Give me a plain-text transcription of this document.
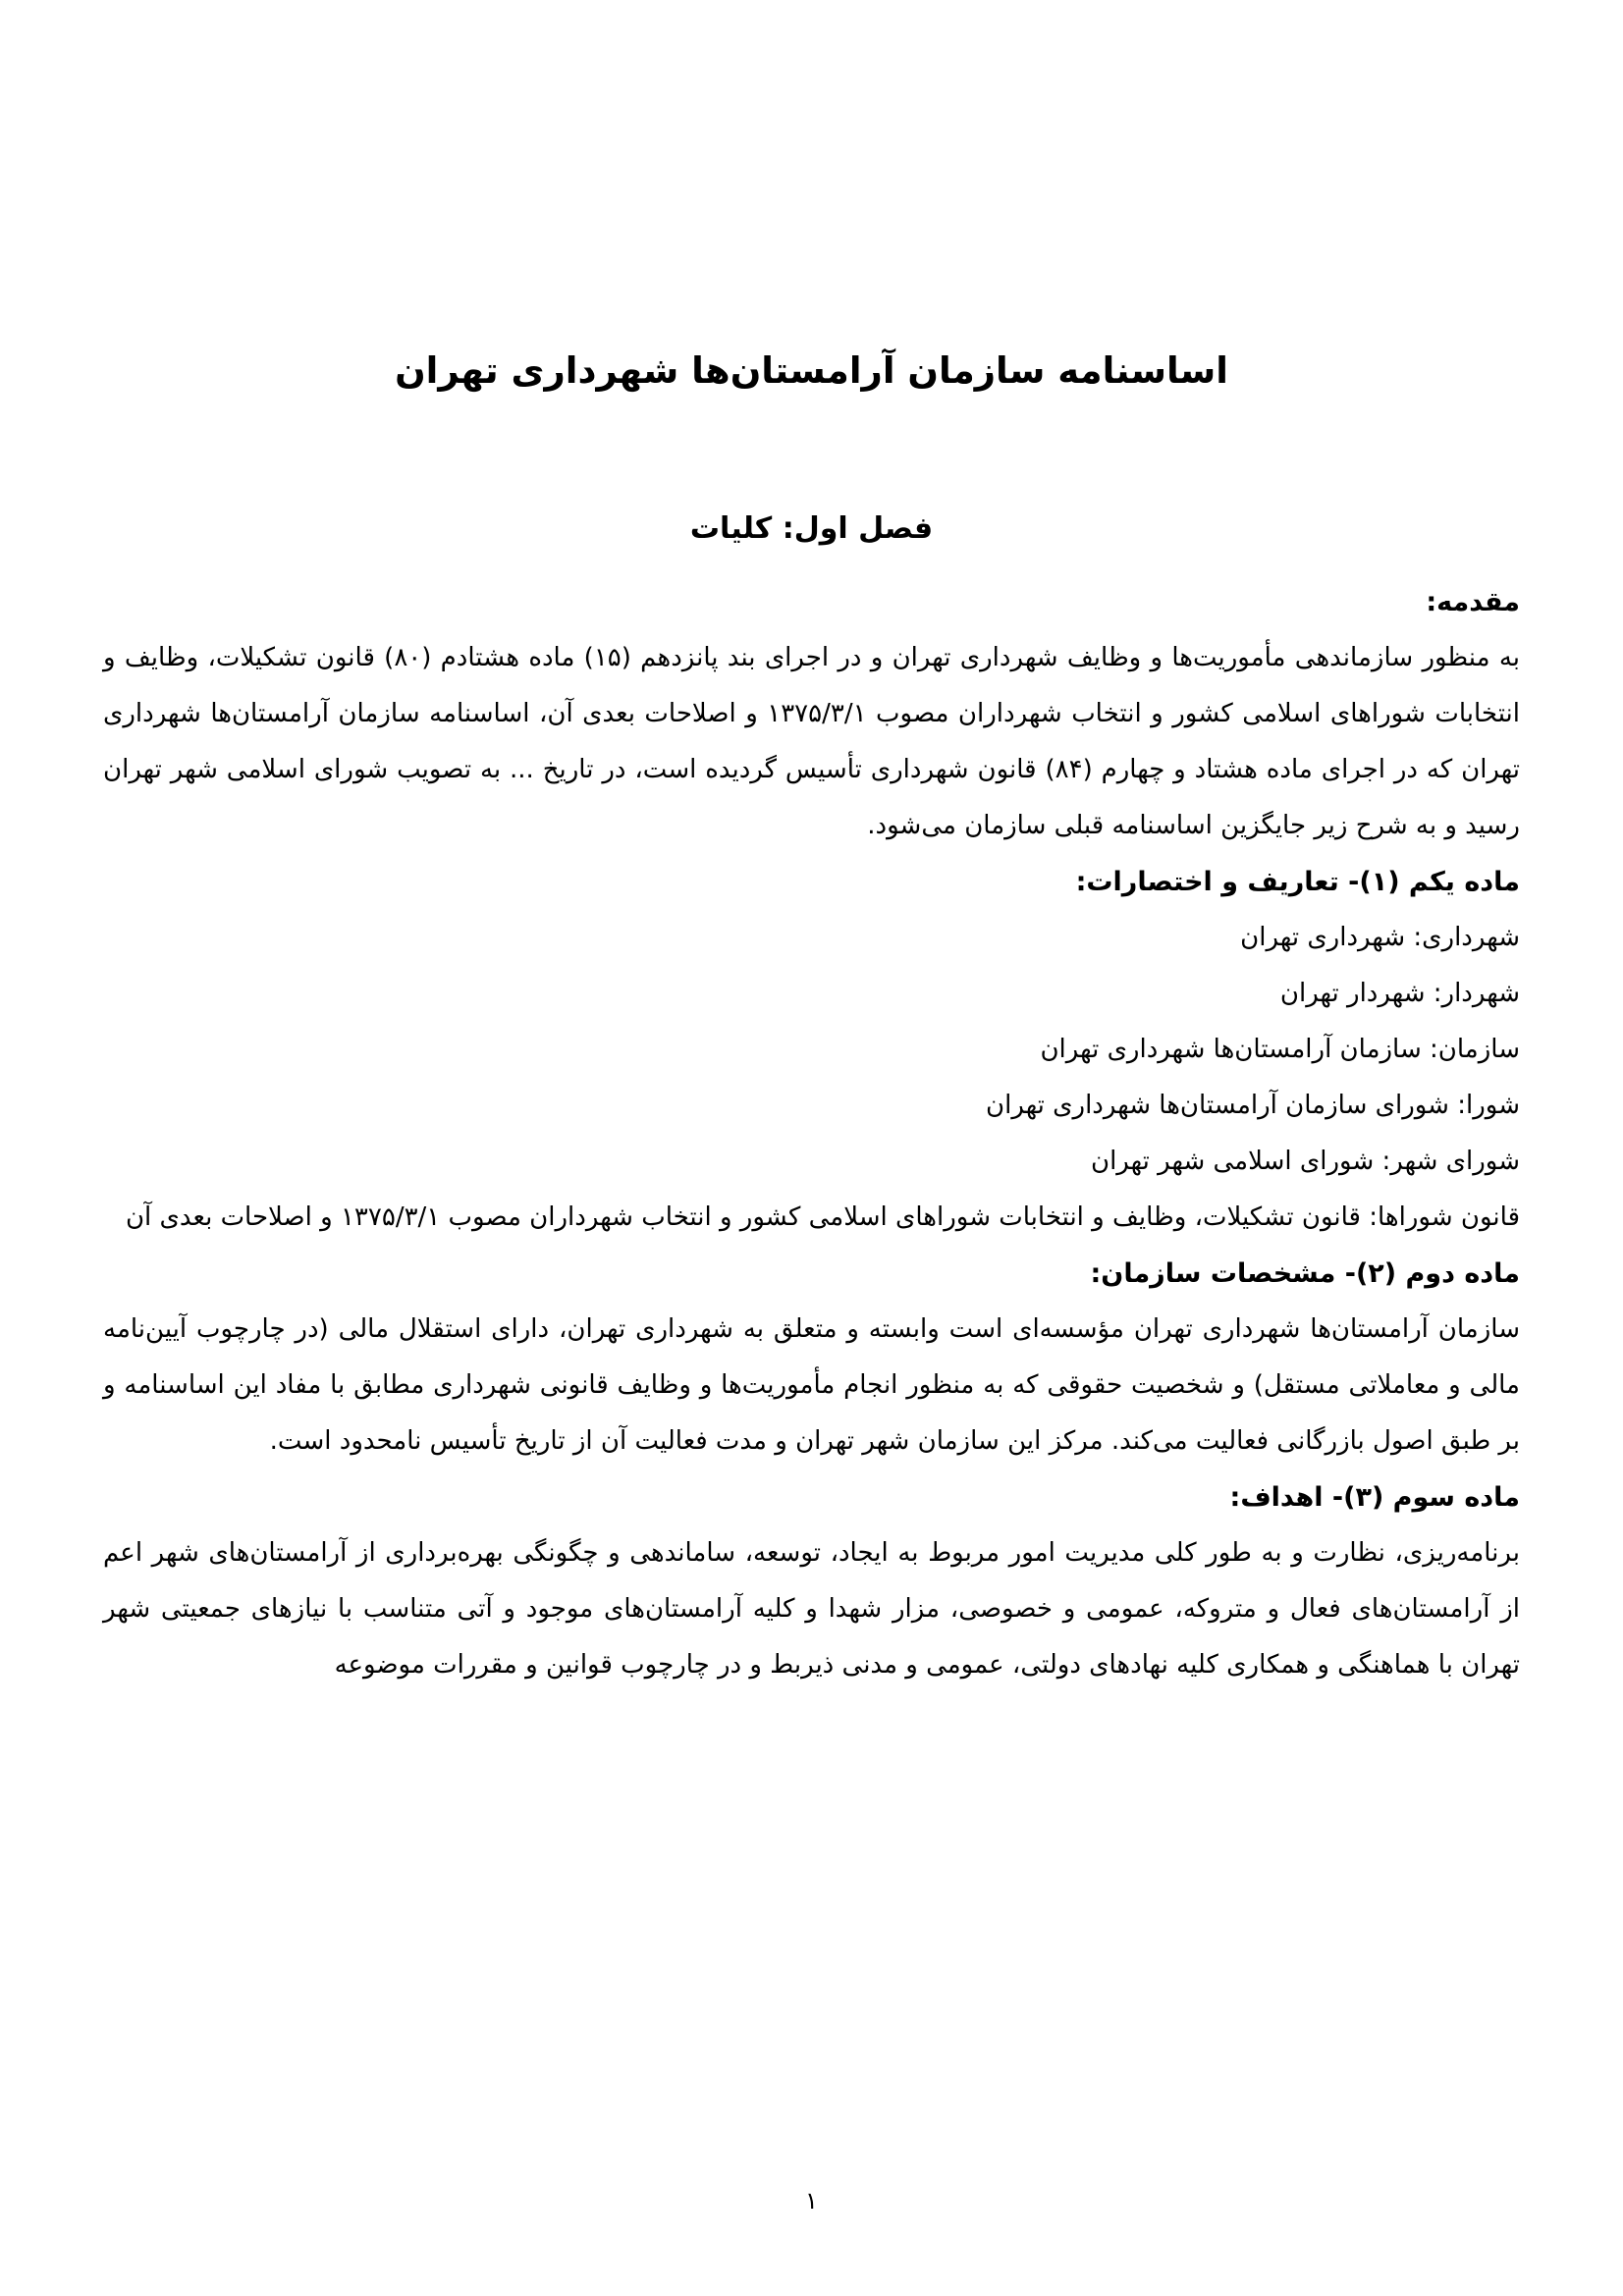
اساسنامه سازمان آرامستان‌ها شهرداری تهران
فصل اول: کلیات
مقدمه:
به منظور سازماندهی مأموریت‌ها و وظایف شهرداری تهران و در اجرای بند پانزدهم (۱۵) ماده هشتادم (۸۰) قانون تشکیلات، وظایف و انتخابات شوراهای اسلامی کشور و انتخاب شهرداران مصوب ۱۳۷۵/۳/۱ و اصلاحات بعدی آن، اساسنامه سازمان آرامستان‌ها شهرداری تهران که در اجرای ماده هشتاد و چهارم (۸۴) قانون شهرداری تأسیس گردیده است، در تاریخ ... به تصویب شورای اسلامی شهر تهران رسید و به شرح زیر جایگزین اساسنامه قبلی سازمان می‌شود.
ماده یکم (۱)- تعاریف و اختصارات:
شهرداری: شهرداری تهران
شهردار: شهردار تهران
سازمان: سازمان آرامستان‌ها شهرداری تهران
شورا: شورای سازمان آرامستان‌ها شهرداری تهران
شورای شهر: شورای اسلامی شهر تهران
قانون شوراها: قانون تشکیلات، وظایف و انتخابات شوراهای اسلامی کشور و انتخاب شهرداران مصوب ۱۳۷۵/۳/۱ و اصلاحات بعدی آن
ماده دوم (۲)- مشخصات سازمان:
سازمان آرامستان‌ها شهرداری تهران مؤسسه‌ای است وابسته و متعلق به شهرداری تهران، دارای استقلال مالی (در چارچوب آیین‌نامه مالی و معاملاتی مستقل) و شخصیت حقوقی که به منظور انجام مأموریت‌ها و وظایف قانونی شهرداری مطابق با مفاد این اساسنامه و بر طبق اصول بازرگانی فعالیت می‌کند. مرکز این سازمان شهر تهران و مدت فعالیت آن از تاریخ تأسیس نامحدود است.
ماده سوم (۳)- اهداف:
برنامه‌ریزی، نظارت و به طور کلی مدیریت امور مربوط به ایجاد، توسعه، ساماندهی و چگونگی بهره‌برداری از آرامستان‌های شهر اعم از آرامستان‌های فعال و متروکه، عمومی و خصوصی، مزار شهدا و کلیه آرامستان‌های موجود و آتی متناسب با نیازهای جمعیتی شهر تهران با هماهنگی و همکاری کلیه نهادهای دولتی، عمومی و مدنی ذیربط و در چارچوب قوانین و مقررات موضوعه
۱
